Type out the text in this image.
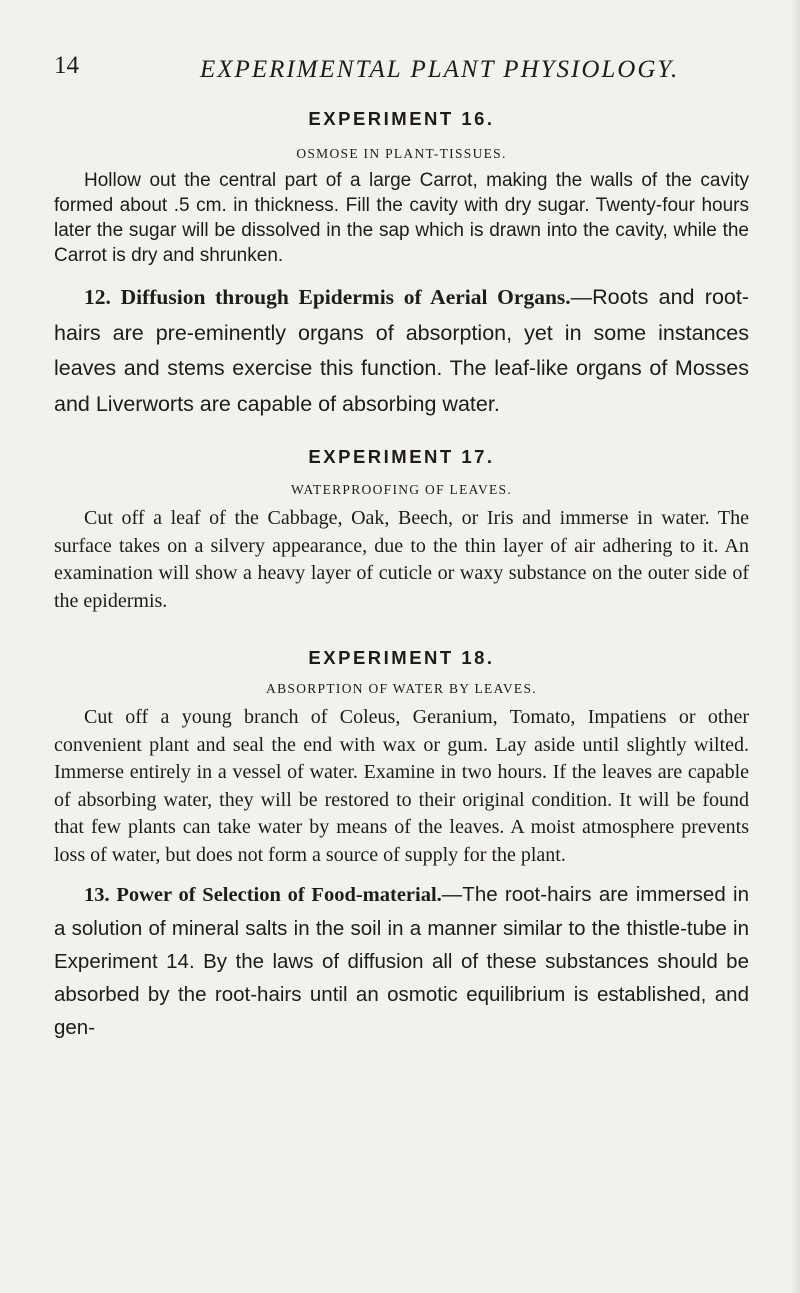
14	EXPERIMENTAL PLANT PHYSIOLOGY.
EXPERIMENT 16.

OSMOSE IN PLANT-TISSUES.

Hollow out the central part of a large Carrot, making the walls of the cavity formed about .5 cm. in thickness. Fill the cavity with dry sugar. Twenty-four hours later the sugar will be dissolved in the sap which is drawn into the cavity, while the Carrot is dry and shrunken.

12. Diffusion through Epidermis of Aerial Organs.—Roots and root-hairs are pre-eminently organs of absorption, yet in some instances leaves and stems exercise this function. The leaf-like organs of Mosses and Liverworts are capable of absorbing water.

EXPERIMENT 17.

WATERPROOFING OF LEAVES.

Cut off a leaf of the Cabbage, Oak, Beech, or Iris and immerse in water. The surface takes on a silvery appearance, due to the thin layer of air adhering to it. An examination will show a heavy layer of cuticle or waxy substance on the outer side of the epidermis.

EXPERIMENT 18.

ABSORPTION OF WATER BY LEAVES.

Cut off a young branch of Coleus, Geranium, Tomato, Impatiens or other convenient plant and seal the end with wax or gum. Lay aside until slightly wilted. Immerse entirely in a vessel of water. Examine in two hours. If the leaves are capable of absorbing water, they will be restored to their original condition. It will be found that few plants can take water by means of the leaves. A moist atmosphere prevents loss of water, but does not form a source of supply for the plant.

13. Power of Selection of Food-material.—The root-hairs are immersed in a solution of mineral salts in the soil in a manner similar to the thistle-tube in Experiment 14. By the laws of diffusion all of these substances should be absorbed by the root-hairs until an osmotic equilibrium is established, and gen-
